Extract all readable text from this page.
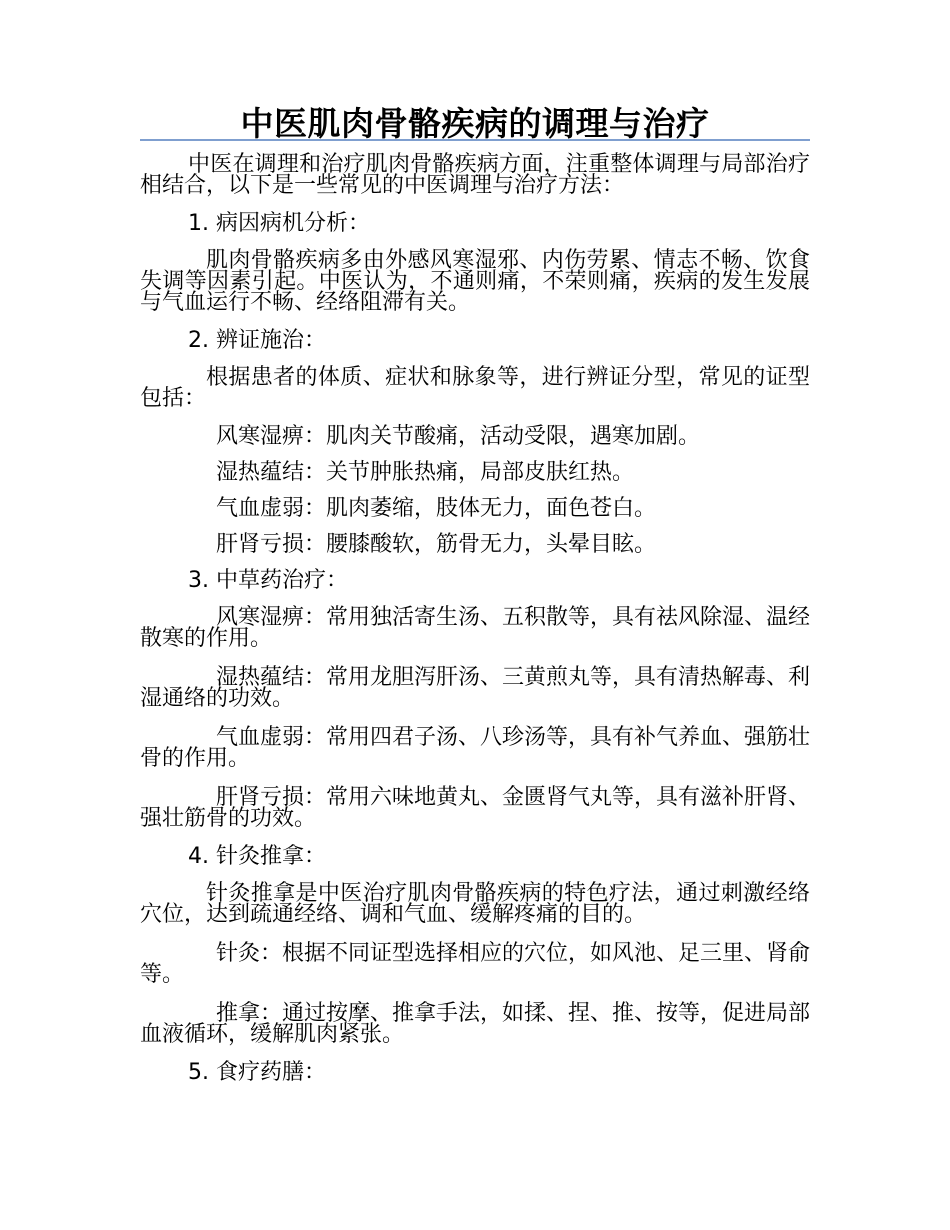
中医肌肉骨骼疾病的调理与治疗

中医在调理和治疗肌肉骨骼疾病方面，注重整体调理与局部治疗相结合，以下是一些常见的中医调理与治疗方法：

1. 病因病机分析：

肌肉骨骼疾病多由外感风寒湿邪、内伤劳累、情志不畅、饮食失调等因素引起。中医认为，不通则痛，不荣则痛，疾病的发生发展与气血运行不畅、经络阻滞有关。

2. 辨证施治：

根据患者的体质、症状和脉象等，进行辨证分型，常见的证型包括：

风寒湿痹：肌肉关节酸痛，活动受限，遇寒加剧。

湿热蕴结：关节肿胀热痛，局部皮肤红热。

气血虚弱：肌肉萎缩，肢体无力，面色苍白。

肝肾亏损：腰膝酸软，筋骨无力，头晕目眩。

3. 中草药治疗：

风寒湿痹：常用独活寄生汤、五积散等，具有祛风除湿、温经散寒的作用。

湿热蕴结：常用龙胆泻肝汤、三黄煎丸等，具有清热解毒、利湿通络的功效。

气血虚弱：常用四君子汤、八珍汤等，具有补气养血、强筋壮骨的作用。

肝肾亏损：常用六味地黄丸、金匮肾气丸等，具有滋补肝肾、强壮筋骨的功效。

4. 针灸推拿：

针灸推拿是中医治疗肌肉骨骼疾病的特色疗法，通过刺激经络穴位，达到疏通经络、调和气血、缓解疼痛的目的。

针灸：根据不同证型选择相应的穴位，如风池、足三里、肾俞等。

推拿：通过按摩、推拿手法，如揉、捏、推、按等，促进局部血液循环，缓解肌肉紧张。

5. 食疗药膳：
